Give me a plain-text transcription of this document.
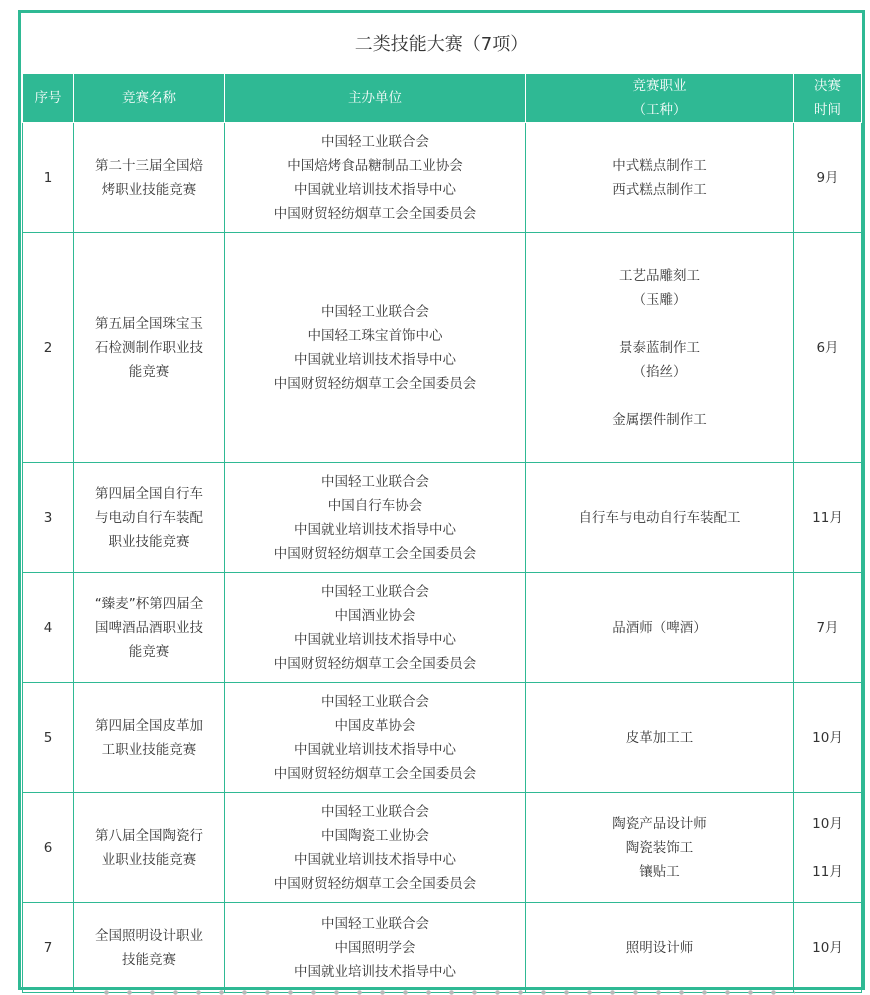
二类技能大赛（7项）
序号	竞赛名称	主办单位	竞赛职业
（工种）	决赛
时间

1	第二十三届全国焙
烤职业技能竞赛	中国轻工业联合会
中国焙烤食品糖制品工业协会
中国就业培训技术指导中心
中国财贸轻纺烟草工会全国委员会	中式糕点制作工
西式糕点制作工	9月

2	第五届全国珠宝玉
石检测制作职业技
能竞赛	中国轻工业联合会
中国轻工珠宝首饰中心
中国就业培训技术指导中心
中国财贸轻纺烟草工会全国委员会	工艺品雕刻工
（玉雕）
景泰蓝制作工
（掐丝）
金属摆件制作工	6月

3	第四届全国自行车
与电动自行车装配
职业技能竞赛	中国轻工业联合会
中国自行车协会
中国就业培训技术指导中心
中国财贸轻纺烟草工会全国委员会	自行车与电动自行车装配工	11月

4	“臻麦”杯第四届全
国啤酒品酒职业技
能竞赛	中国轻工业联合会
中国酒业协会
中国就业培训技术指导中心
中国财贸轻纺烟草工会全国委员会	品酒师（啤酒）	7月

5	第四届全国皮革加
工职业技能竞赛	中国轻工业联合会
中国皮革协会
中国就业培训技术指导中心
中国财贸轻纺烟草工会全国委员会	皮革加工工	10月

6	第八届全国陶瓷行
业职业技能竞赛	中国轻工业联合会
中国陶瓷工业协会
中国就业培训技术指导中心
中国财贸轻纺烟草工会全国委员会	陶瓷产品设计师
陶瓷装饰工
镶贴工	10月
11月

7	全国照明设计职业
技能竞赛	中国轻工业联合会
中国照明学会
中国就业培训技术指导中心	照明设计师	10月
